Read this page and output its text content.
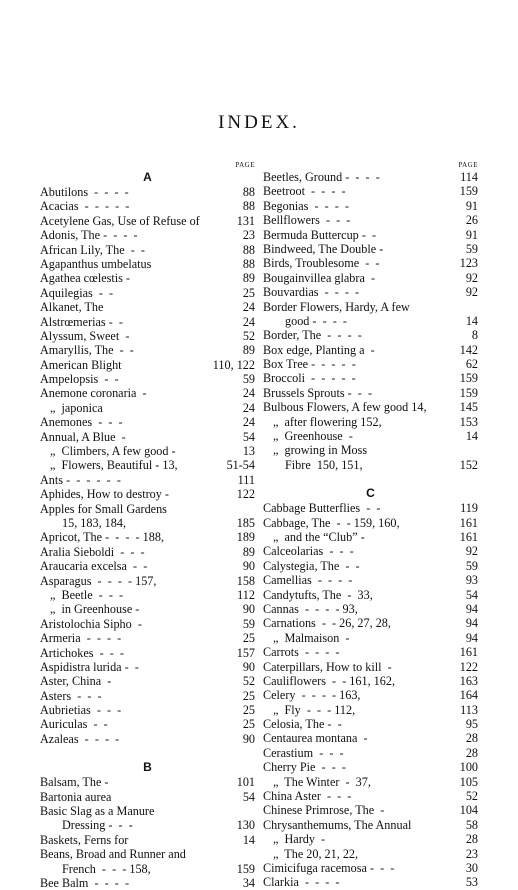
INDEX.
PAGE
A
Abutilons  -  -  -  -	88
Acacias  -  -  -  -  -	88
Acetylene Gas, Use of Refuse of	131
Adonis, The -  -  -  -	23
African Lily, The  -  -	88
Agapanthus umbelatus	88
Agathea cœlestis -	89
Aquilegias  -  -	25
Alkanet, The	24
Alstrœmerias -  -	24
Alyssum, Sweet  -	52
Amaryllis, The  -  -	89
American Blight	110, 122
Ampelopsis  -  -	59
Anemone coronaria  -	24
„  japonica	24
Anemones  -  -  -	24
Annual, A Blue  -	54
„  Climbers, A few good -	13
„  Flowers, Beautiful - 13,	51-54
Ants -  -  -  -  -  -	111
Aphides, How to destroy -	122
Apples for Small Gardens
15, 183, 184,	185
Apricot, The -  -  -  - 188,	189
Aralia Sieboldi  -  -  -	89
Araucaria excelsa  -  -	90
Asparagus  -  -  -  - 157,	158
„  Beetle  -  -  -	112
„  in Greenhouse -	90
Aristolochia Sipho  -	59
Armeria  -  -  -  -	25
Artichokes  -  -  -	157
Aspidistra lurida -  -	90
Aster, China  -	52
Asters  -  -  -	25
Aubrietias  -  -  -	25
Auriculas  -  -	25
Azaleas  -  -  -  -	90
B
Balsam, The -	101
Bartonia aurea	54
Basic Slag as a Manure
Dressing -  -  -	130
Baskets, Ferns for	14
Beans, Broad and Runner and
French  -  -  - 158,	159
Bee Balm  -  -  -  -	34
PAGE
Beetles, Ground -  -  -  -	114
Beetroot  -  -  -  -	159
Begonias  -  -  -  -	91
Bellflowers  -  -  -	26
Bermuda Buttercup -  -	91
Bindweed, The Double -	59
Birds, Troublesome  -  -	123
Bougainvillea glabra  -	92
Bouvardias  -  -  -  -	92
Border Flowers, Hardy, A few
good -  -  -  -	14
Border, The  -  -  -  -	8
Box edge, Planting a  -	142
Box Tree -  -  -  -  -	62
Broccoli  -  -  -  -  -	159
Brussels Sprouts -  -  -	159
Bulbous Flowers, A few good 14,	145
„  after flowering 152,	153
„  Greenhouse  -	14
„  growing in Moss
Fibre  150, 151,	152
C
Cabbage Butterflies  -  -	119
Cabbage, The  -  - 159, 160,	161
„  and the “Club” -	161
Calceolarias  -  -  -	92
Calystegia, The  -  -	59
Camellias  -  -  -  -	93
Candytufts, The  -  33,	54
Cannas  -  -  -  - 93,	94
Carnations  -  - 26, 27, 28,	94
„  Malmaison  -	94
Carrots  -  -  -  -	161
Caterpillars, How to kill  -	122
Cauliflowers  -  - 161, 162,	163
Celery  -  -  -  - 163,	164
„  Fly  -  -  - 112,	113
Celosia, The -  -	95
Centaurea montana  -	28
Cerastium  -  -  -	28
Cherry Pie  -  -  -	100
„  The Winter  -  37,	105
China Aster  -  -  -	52
Chinese Primrose, The  -	104
Chrysanthemums, The Annual	58
„  Hardy  -	28
„  The 20, 21, 22,	23
Cimicifuga racemosa -  -  -	30
Clarkia  -  -  -  -	53
